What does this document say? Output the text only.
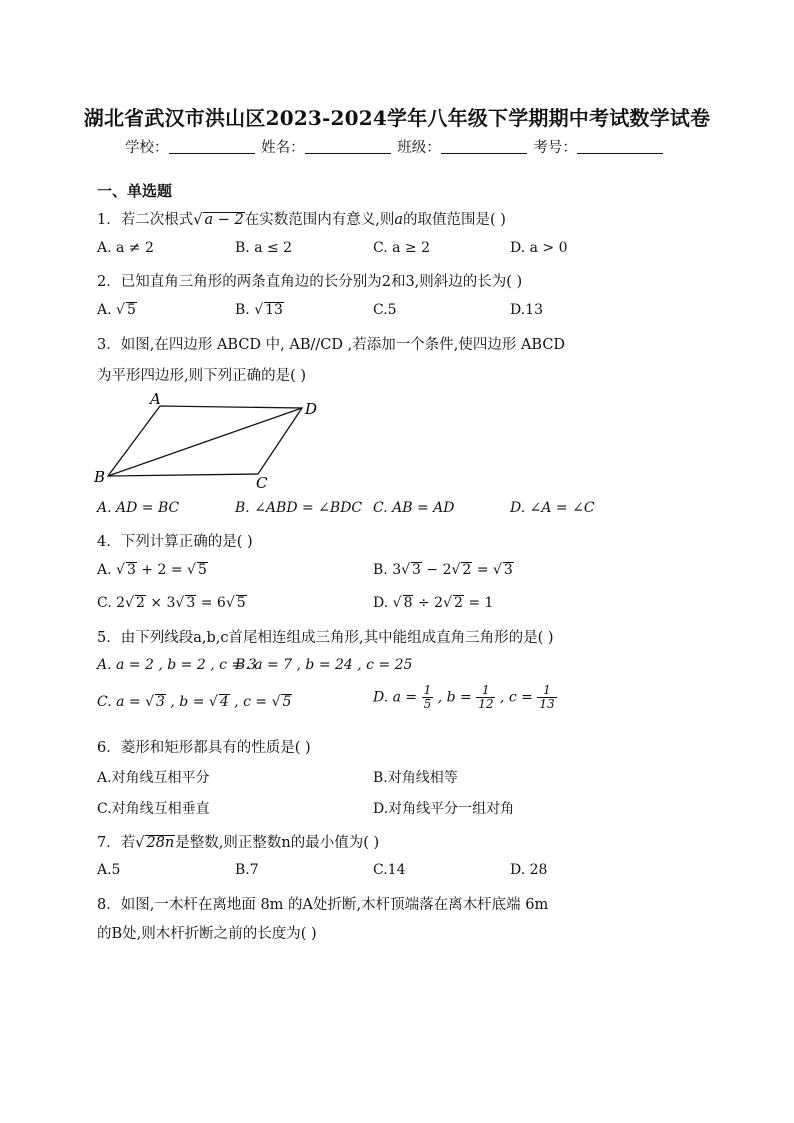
湖北省武汉市洪山区2023-2024学年八年级下学期期中考试数学试卷
学校：	姓名：	班级：	考号：
一、单选题
1．若二次根式√ a − 2在实数范围内有意义,则a的取值范围是( )
A. a ≠ 2	B. a ≤ 2	C. a ≥ 2	D. a > 0
2．已知直角三角形的两条直角边的长分别为2和3,则斜边的长为( )
A. √ 5	B. √ 13	C.5	D.13
3．如图,在四边形 ABCD 中, AB//CD ,若添加一个条件,使四边形 ABCD
为平形四边形,则下列正确的是( )
A
D
B	C
A. AD = BC	B. ∠ABD = ∠BDC C. AB = AD	D. ∠A = ∠C
4．下列计算正确的是( )
A. √ 3 + 2 = √ 5	B. 3√ 3 − 2√ 2 = √ 3
C. 2√ 2 × 3√ 3 = 6√ 5	D. √ 8 ÷ 2√ 2 = 1
5．由下列线段a,b,c首尾相连组成三角形,其中能组成直角三角形的是( )
A. a = 2 , b = 2 , c = 3
B. a = 7 , b = 24 , c = 25
C. a = √ 3 , b = √ 4 , c = √ 5	D. $a = \frac{1}{5}$ , $b = \frac{1}{12}$ , $c = \frac{1}{13}$
6．菱形和矩形都具有的性质是( )
A.对角线互相平分	B.对角线相等
C.对角线互相垂直	D.对角线平分一组对角
7．若√ 28n是整数,则正整数n的最小值为( )
A.5	B.7	C.14	D. 28
8．如图,一木杆在离地面 8m 的A处折断,木杆顶端落在离木杆底端 6m
的B处,则木杆折断之前的长度为( )
